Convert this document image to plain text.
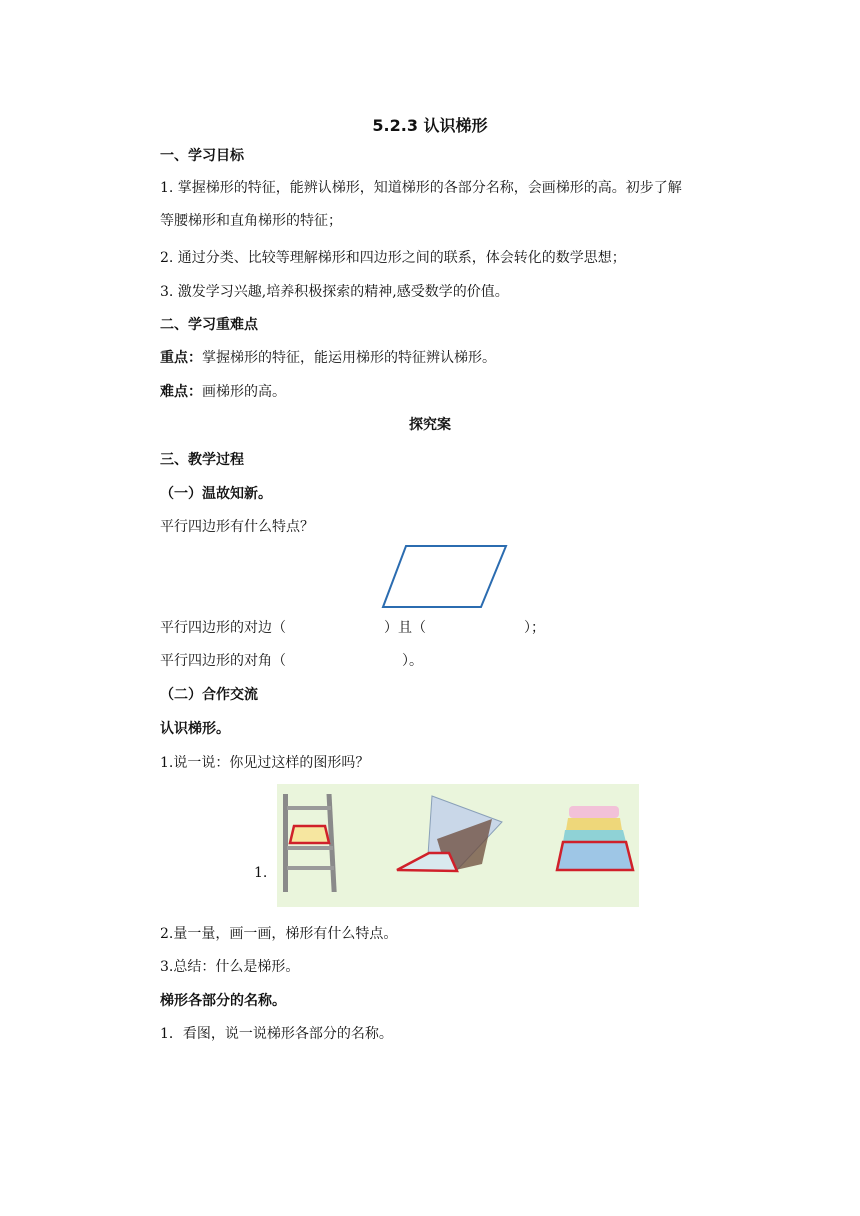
5.2.3 认识梯形
一、学习目标
1. 掌握梯形的特征，能辨认梯形，知道梯形的各部分名称，会画梯形的高。初步了解
等腰梯形和直角梯形的特征；
2. 通过分类、比较等理解梯形和四边形之间的联系，体会转化的数学思想；
3. 激发学习兴趣,培养积极探索的精神,感受数学的价值。
二、学习重难点
重点：掌握梯形的特征，能运用梯形的特征辨认梯形。
难点：画梯形的高。
探究案
三、教学过程
（一）温故知新。
平行四边形有什么特点？
平行四边形的对边（	）且（	）；
平行四边形的对角（	）。
（二）合作交流
认识梯形。
1.说一说：你见过这样的图形吗？
1.
2.量一量，画一画，梯形有什么特点。
3.总结：什么是梯形。
梯形各部分的名称。
1．看图，说一说梯形各部分的名称。
